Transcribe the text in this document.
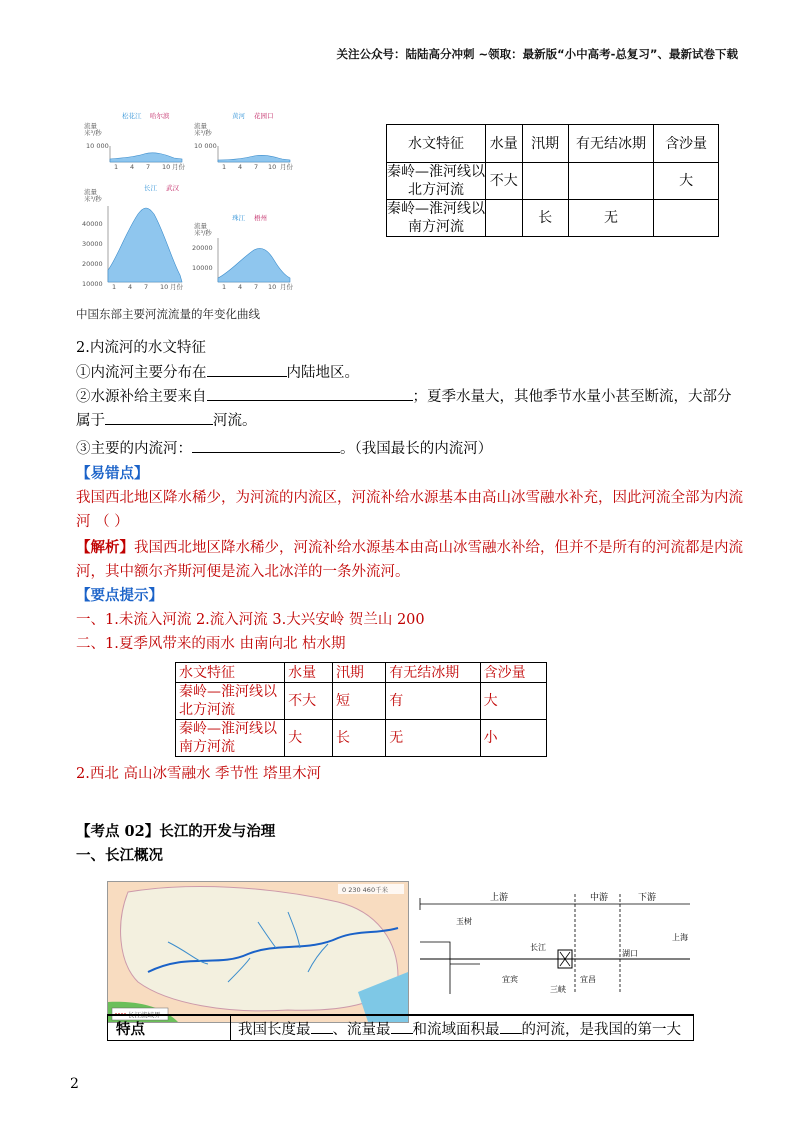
关注公众号：陆陆高分冲刺 ~领取：最新版“小中高考-总复习”、最新试卷下载
松花江 哈尔滨
流量
米³/秒
10 000
1 4 7 10 月份
黄河 花园口
流量
米³/秒
10 000
1 4 7 10 月份
长江 武汉
流量
米³/秒
40000
30000
20000
10000 1 4 7 10 月份
珠江 梧州
流量
米³/秒
20000
10000
1 4 7 10 月份
中国东部主要河流流量的年变化曲线
水文特征	水量	汛期	有无结冰期	含沙量
秦岭—淮河线以北方河流	不大			大
秦岭—淮河线以南方河流		长	无	
2.内流河的水文特征
①内流河主要分布在	内陆地区。
②水源补给主要来自	；夏季水量大，其他季节水量小甚至断流，大部分
属于	河流。
③主要的内流河：	。（我国最长的内流河）
【易错点】
我国西北地区降水稀少，为河流的内流区，河流补给水源基本由高山冰雪融水补充，因此河流全部为内流
河 （ ）
【解析】我国西北地区降水稀少，河流补给水源基本由高山冰雪融水补给，但并不是所有的河流都是内流
河，其中额尔齐斯河便是流入北冰洋的一条外流河。
【要点提示】
一、1.未流入河流 2.流入河流 3.大兴安岭 贺兰山 200
二、1.夏季风带来的雨水 由南向北 枯水期
水文特征	水量	汛期	有无结冰期	含沙量
秦岭—淮河线以北方河流	不大	短	有	大
秦岭—淮河线以南方河流	大	长	无	小
2.西北 高山冰雪融水 季节性 塔里木河
【考点 02】长江的开发与治理
一、长江概况
0 230 460千米
长江流域界
上游	中游	下游
玉树
宜宾	宜昌
湖口
上海
长江
三峡
特点	我国长度最 、流量最 和流域面积最 的河流，是我国的第一大
2
